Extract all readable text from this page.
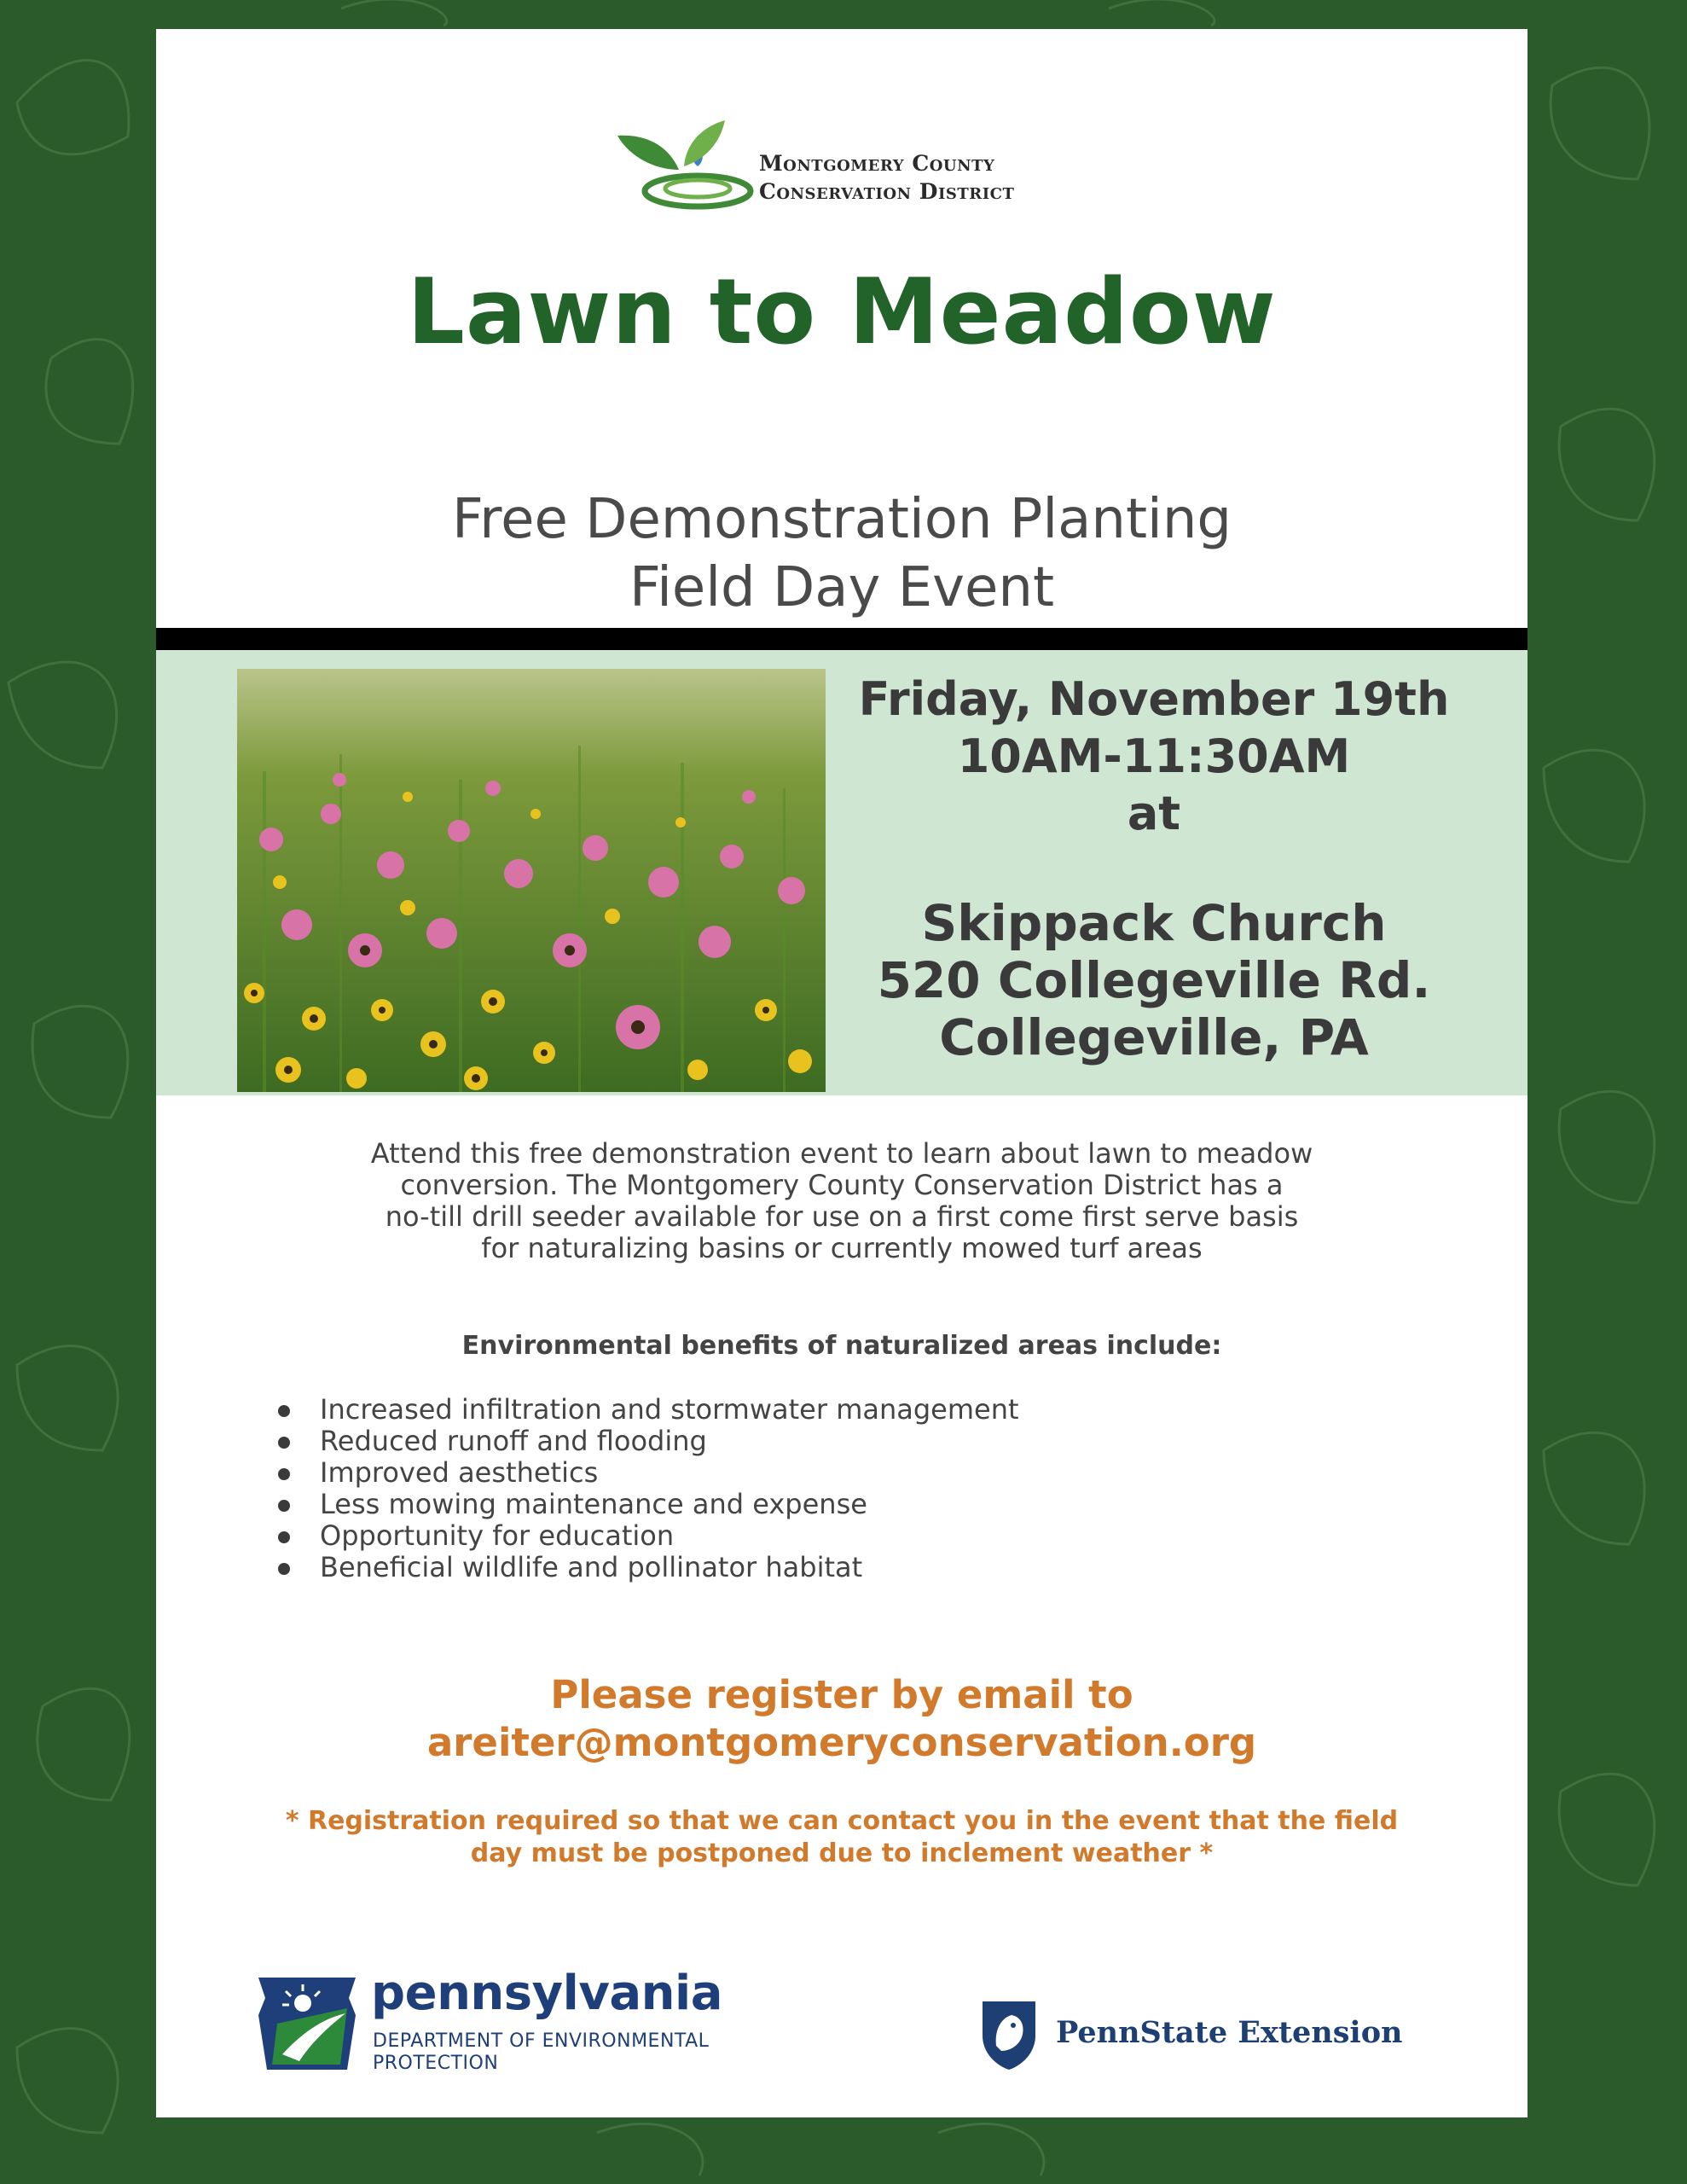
Montgomery County
Conservation District
Lawn to Meadow
Free Demonstration Planting
Field Day Event
Friday, November 19th
10AM-11:30AM
at
Skippack Church
520 Collegeville Rd.
Collegeville, PA
Attend this free demonstration event to learn about lawn to meadow
conversion. The Montgomery County Conservation District has a
no-till drill seeder available for use on a first come first serve basis
for naturalizing basins or currently mowed turf areas
Environmental benefits of naturalized areas include:
Increased infiltration and stormwater management
Reduced runoff and flooding
Improved aesthetics
Less mowing maintenance and expense
Opportunity for education
Beneficial wildlife and pollinator habitat
Please register by email to
areiter@montgomeryconservation.org
* Registration required so that we can contact you in the event that the field
day must be postponed due to inclement weather *
pennsylvania
DEPARTMENT OF ENVIRONMENTAL
PROTECTION
PennState Extension
